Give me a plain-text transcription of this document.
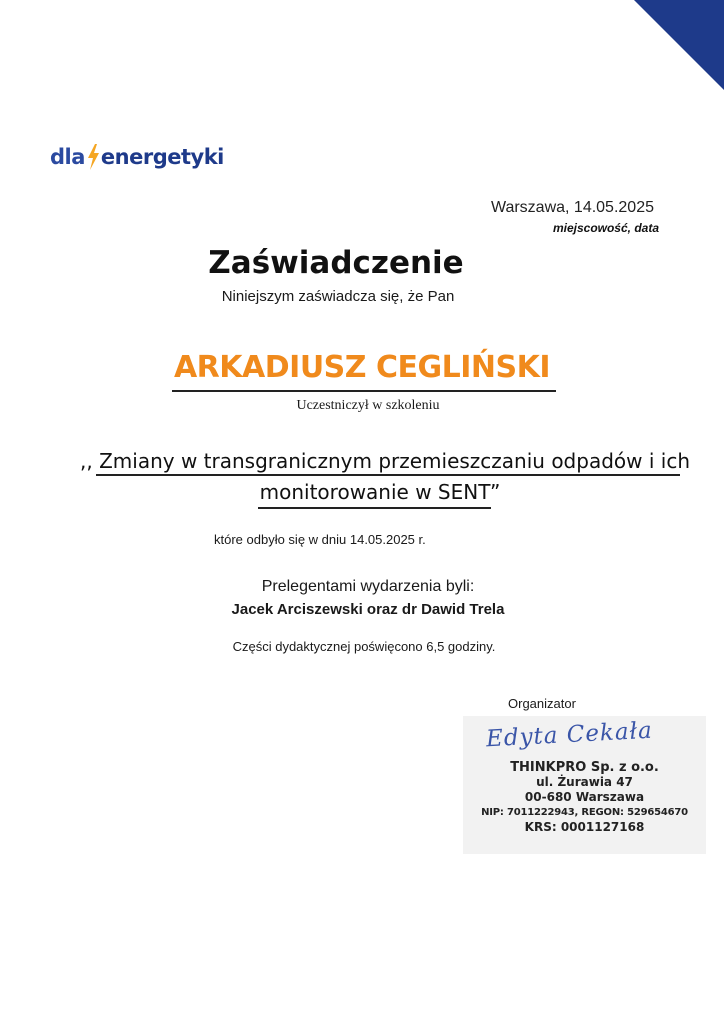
dla energetyki
Warszawa, 14.05.2025
miejscowość, data
Zaświadczenie
Niniejszym zaświadcza się, że Pan
ARKADIUSZ CEGLIŃSKI
Uczestniczył w szkoleniu
,, Zmiany w transgranicznym przemieszczaniu odpadów i ich
monitorowanie w SENT”
które odbyło się w dniu 14.05.2025 r.
Prelegentami wydarzenia byli:
Jacek Arciszewski oraz dr Dawid Trela
Części dydaktycznej poświęcono 6,5 godziny.
Organizator
Edyta Cekała
THINKPRO Sp. z o.o.
ul. Żurawia 47
00-680 Warszawa
NIP: 7011222943, REGON: 529654670
KRS: 0001127168
